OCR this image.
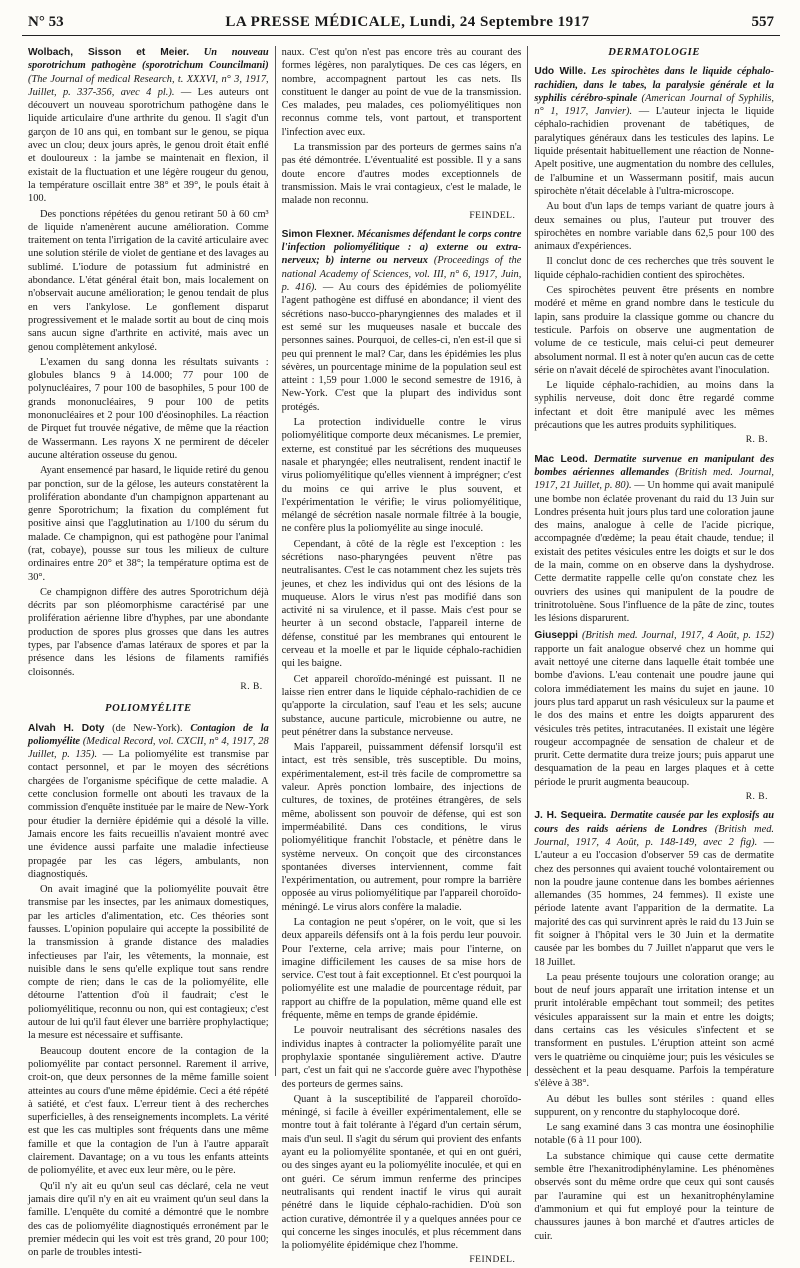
N° 53	LA PRESSE MÉDICALE, Lundi, 24 Septembre 1917	557

Wolbach, Sisson et Meier. Un nouveau sporotrichum pathogène (sporotrichum Councilmani) (The Journal of medical Research, t. XXXVI, n° 3, 1917, Juillet, p. 337-356, avec 4 pl.). — Les auteurs ont découvert un nouveau sporotrichum pathogène dans le liquide articulaire d'une arthrite du genou. Il s'agit d'un garçon de 10 ans qui, en tombant sur le genou, se piqua avec un clou; deux jours après, le genou droit était enflé et douloureux : la jambe se maintenait en flexion, il existait de la fluctuation et une légère rougeur du genou, la température oscillait entre 38° et 39°, le pouls était à 100.

Des ponctions répétées du genou retirant 50 à 60 cm³ de liquide n'amenèrent aucune amélioration. Comme traitement on tenta l'irrigation de la cavité articulaire avec une solution stérile de violet de gentiane et des lavages au sublimé. L'iodure de potassium fut administré en abondance. L'état général était bon, mais localement on n'observait aucune amélioration; le genou tendait de plus en vers l'ankylose. Le gonflement disparut progressivement et le malade sortit au bout de cinq mois sans aucun signe d'arthrite en activité, mais avec un genou complètement ankylosé.

L'examen du sang donna les résultats suivants : globules blancs 9 à 14.000; 77 pour 100 de polynucléaires, 7 pour 100 de basophiles, 5 pour 100 de grands mononucléaires, 9 pour 100 de petits mononucléaires et 2 pour 100 d'éosinophiles. La réaction de Pirquet fut trouvée négative, de même que la réaction de Wassermann. Les rayons X ne permirent de déceler aucune altération osseuse du genou.

Ayant ensemencé par hasard, le liquide retiré du genou par ponction, sur de la gélose, les auteurs constatèrent la prolifération abondante d'un champignon appartenant au genre Sporotrichum; la fixation du complément fut positive ainsi que l'agglutination au 1/100 du sérum du malade. Ce champignon, qui est pathogène pour l'animal (rat, cobaye), pousse sur tous les milieux de culture ordinaires entre 20° et 38°; la température optima est de 30°.

Ce champignon diffère des autres Sporotrichum déjà décrits par son pléomorphisme caractérisé par une prolifération aérienne libre d'hyphes, par une abondante production de spores plus grosses que dans les autres types, par l'absence d'amas latéraux de spores et par la présence dans les lésions de filaments ramifiés cloisonnés.

R. B.
POLIOMYÉLITE

Alvah H. Doty (de New-York). Contagion de la poliomyélite (Medical Record, vol. CXCII, n° 4, 1917, 28 Juillet, p. 135). — La poliomyélite est transmise par contact personnel, et par le moyen des sécrétions chargées de l'organisme spécifique de cette maladie. A cette conclusion formelle ont abouti les travaux de la commission d'enquête instituée par le maire de New-York pour étudier la dernière épidémie qui a désolé la ville. Jamais encore les faits recueillis n'avaient montré avec une évidence aussi parfaite une maladie infectieuse propagée par les cas légers, ambulants, non diagnostiqués.

On avait imaginé que la poliomyélite pouvait être transmise par les insectes, par les animaux domestiques, par les articles d'alimentation, etc. Ces théories sont fausses. L'opinion populaire qui accepte la possibilité de la transmission à grande distance des maladies infectieuses par l'air, les vêtements, la monnaie, est nuisible dans le sens qu'elle explique tout sans rendre compte de rien; dans le cas de la poliomyélite, elle détourne l'attention d'où il faudrait; c'est le poliomyélitique, reconnu ou non, qui est contagieux; c'est autour de lui qu'il faut élever une barrière prophylactique; la mesure est nécessaire et suffisante.

Beaucoup doutent encore de la contagion de la poliomyélite par contact personnel. Rarement il arrive, croit-on, que deux personnes de la même famille soient atteintes au cours d'une même épidémie. Ceci a été répété à satiété, et c'est faux. L'erreur tient à des recherches superficielles, à des renseignements incomplets. La vérité est que les cas multiples sont fréquents dans une même famille et que la contagion de l'un à l'autre apparaît clairement. Davantage; on a vu tous les enfants atteints de poliomyélite, et avec eux leur mère, ou le père.

Qu'il n'y ait eu qu'un seul cas déclaré, cela ne veut jamais dire qu'il n'y en ait eu vraiment qu'un seul dans la famille. L'enquête du comité a démontré que le nombre des cas de poliomyélite diagnostiqués erronément par le premier médecin qui les voit est très grand, 20 pour 100; on parle de troubles intesti-

naux. C'est qu'on n'est pas encore très au courant des formes légères, non paralytiques. De ces cas légers, en nombre, accompagnent partout les cas nets. Ils constituent le danger au point de vue de la transmission. Ces malades, peu malades, ces poliomyélitiques non reconnus comme tels, vont partout, et transportent l'infection avec eux.

La transmission par des porteurs de germes sains n'a pas été démontrée. L'éventualité est possible. Il y a sans doute encore d'autres modes exceptionnels de transmission. Mais le vrai contagieux, c'est le malade, le malade non reconnu.

FEINDEL.

Simon Flexner. Mécanismes défendant le corps contre l'infection poliomyélitique : a) externe ou extra-nerveux; b) interne ou nerveux (Proceedings of the national Academy of Sciences, vol. III, n° 6, 1917, Juin, p. 416). — Au cours des épidémies de poliomyélite l'agent pathogène est diffusé en abondance; il vient des sécrétions naso-bucco-pharyngiennes des malades et il est semé sur les muqueuses nasale et buccale des personnes saines. Pourquoi, de celles-ci, n'en est-il que si peu qui prennent le mal? Car, dans les épidémies les plus sévères, un pourcentage minime de la population seul est atteint : 1,59 pour 1.000 le second semestre de 1916, à New-York. C'est que la plupart des individus sont protégés.

La protection individuelle contre le virus poliomyélitique comporte deux mécanismes. Le premier, externe, est constitué par les sécrétions des muqueuses nasale et pharyngée; elles neutralisent, rendent inactif le virus poliomyélitique qu'elles viennent à imprégner; c'est du moins ce qui arrive le plus souvent, et l'expérimentation le vérifie; le virus poliomyélitique, mélangé de sécrétion nasale normale filtrée à la bougie, ne confère plus la poliomyélite au singe inoculé.

Cependant, à côté de la règle est l'exception : les sécrétions naso-pharyngées peuvent n'être pas neutralisantes. C'est le cas notamment chez les sujets très jeunes, et chez les individus qui ont des lésions de la muqueuse. Alors le virus n'est pas modifié dans son activité ni sa virulence, et il passe. Mais c'est pour se heurter à un second obstacle, l'appareil interne de défense, constitué par les membranes qui entourent le cerveau et la moelle et par le liquide céphalo-rachidien qui les baigne.

Cet appareil choroïdo-méningé est puissant. Il ne laisse rien entrer dans le liquide céphalo-rachidien de ce qu'apporte la circulation, sauf l'eau et les sels; aucune substance, aucune particule, microbienne ou autre, ne peut pénétrer dans la substance nerveuse.

Mais l'appareil, puissamment défensif lorsqu'il est intact, est très sensible, très susceptible. Du moins, expérimentalement, est-il très facile de compromettre sa valeur. Après ponction lombaire, des injections de cultures, de toxines, de protéines étrangères, de sels même, abolissent son pouvoir de défense, qui est son imperméabilité. Dans ces conditions, le virus poliomyélitique franchit l'obstacle, et pénètre dans le système nerveux. On conçoit que des circonstances spontanées diverses interviennent, comme fait l'expérimentation, ou autrement, pour rompre la barrière opposée au virus poliomyélitique par l'appareil choroïdo-méningé. Le virus alors confère la maladie.

La contagion ne peut s'opérer, on le voit, que si les deux appareils défensifs ont à la fois perdu leur pouvoir. Pour l'externe, cela arrive; mais pour l'interne, on imagine difficilement les causes de sa mise hors de service. C'est tout à fait exceptionnel. Et c'est pourquoi la poliomyélite est une maladie de pourcentage réduit, par rapport au chiffre de la population, même quand elle est fréquente, même en temps de grande épidémie.

Le pouvoir neutralisant des sécrétions nasales des individus inaptes à contracter la poliomyélite paraît une prophylaxie spontanée singulièrement active. D'autre part, c'est un fait qui ne s'accorde guère avec l'hypothèse des porteurs de germes sains.

Quant à la susceptibilité de l'appareil choroïdo-méningé, si facile à éveiller expérimentalement, elle se montre tout à fait tolérante à l'égard d'un certain sérum, mais d'un seul. Il s'agit du sérum qui provient des enfants ayant eu la poliomyélite spontanée, et qui en ont guéri, ou des singes ayant eu la poliomyélite inoculée, et qui en ont guéri. Ce sérum immun renferme des principes neutralisants qui rendent inactif le virus qui aurait pénétré dans le liquide céphalo-rachidien. D'où son action curative, démontrée il y a quelques années pour ce qui concerne les singes inoculés, et plus récemment dans la poliomyélite épidémique chez l'homme.

FEINDEL.
DERMATOLOGIE

Udo Wille. Les spirochètes dans le liquide céphalo-rachidien, dans le tabes, la paralysie générale et la syphilis cérébro-spinale (American Journal of Syphilis, n° 1, 1917, Janvier). — L'auteur injecta le liquide céphalo-rachidien provenant de tabétiques, de paralytiques généraux dans les testicules des lapins. Le liquide présentait habituellement une réaction de Nonne-Apelt positive, une augmentation du nombre des cellules, de l'albumine et un Wassermann positif, mais aucun spirochète n'était décelable à l'ultra-microscope.

Au bout d'un laps de temps variant de quatre jours à deux semaines ou plus, l'auteur put trouver des spirochètes en nombre variable dans 62,5 pour 100 des animaux d'expériences.

Il conclut donc de ces recherches que très souvent le liquide céphalo-rachidien contient des spirochètes.

Ces spirochètes peuvent être présents en nombre modéré et même en grand nombre dans le testicule du lapin, sans produire la classique gomme ou chancre du testicule. Parfois on observe une augmentation de volume de ce testicule, mais celui-ci peut demeurer absolument normal. Il est à noter qu'en aucun cas de cette série on n'avait décelé de spirochètes avant l'inoculation.

Le liquide céphalo-rachidien, au moins dans la syphilis nerveuse, doit donc être regardé comme infectant et doit être manipulé avec les mêmes précautions que les autres produits syphilitiques.

R. B.

Mac Leod. Dermatite survenue en manipulant des bombes aériennes allemandes (British med. Journal, 1917, 21 Juillet, p. 80). — Un homme qui avait manipulé une bombe non éclatée provenant du raid du 13 Juin sur Londres présenta huit jours plus tard une coloration jaune des mains, analogue à celle de l'acide picrique, accompagnée d'œdème; la peau était chaude, tendue; il existait des petites vésicules entre les doigts et sur le dos de la main, comme on en observe dans la dyshydrose. Cette dermatite rappelle celle qu'on constate chez les ouvriers des usines qui manipulent de la poudre de trinitrotoluène. Sous l'influence de la pâte de zinc, toutes les lésions disparurent.

Giuseppi (British med. Journal, 1917, 4 Août, p. 152) rapporte un fait analogue observé chez un homme qui avait nettoyé une citerne dans laquelle était tombée une bombe d'avions. L'eau contenait une poudre jaune qui colora immédiatement les mains du sujet en jaune. 10 jours plus tard apparut un rash vésiculeux sur la paume et le dos des mains et entre les doigts apparurent des vésicules très petites, intracutanées. Il existait une légère rougeur accompagnée de sensation de chaleur et de prurit. Cette dermatite dura treize jours; puis apparut une desquamation de la peau en larges plaques et à cette période le prurit augmenta beaucoup.

R. B.

J. H. Sequeira. Dermatite causée par les explosifs au cours des raids aériens de Londres (British med. Journal, 1917, 4 Août, p. 148-149, avec 2 fig). — L'auteur a eu l'occasion d'observer 59 cas de dermatite chez des personnes qui avaient touché volontairement ou non la poudre jaune contenue dans les bombes aériennes allemandes (35 hommes, 24 femmes). Il existe une période latente avant l'apparition de la dermatite. La majorité des cas qui survinrent après le raid du 13 Juin se fit soigner à l'hôpital vers le 30 Juin et la dermatite causée par les bombes du 7 Juillet n'apparut que vers le 18 Juillet.

La peau présente toujours une coloration orange; au bout de neuf jours apparaît une irritation intense et un prurit intolérable empêchant tout sommeil; des petites vésicules apparaissent sur la main et entre les doigts; dans certains cas les vésicules s'infectent et se transforment en pustules. L'éruption atteint son acmé vers le quatrième ou cinquième jour; puis les vésicules se dessèchent et la peau desquame. Parfois la température s'élève à 38°.

Au début les bulles sont stériles : quand elles suppurent, on y rencontre du staphylocoque doré.

Le sang examiné dans 3 cas montra une éosinophilie notable (6 à 11 pour 100).

La substance chimique qui cause cette dermatite semble être l'hexanitrodiphénylamine. Les phénomènes observés sont du même ordre que ceux qui sont causés par l'auramine qui est un hexanitrophénylamine d'ammonium et qui fut employé pour la teinture de chaussures jaunes à bon marché et d'autres articles de cuir.
